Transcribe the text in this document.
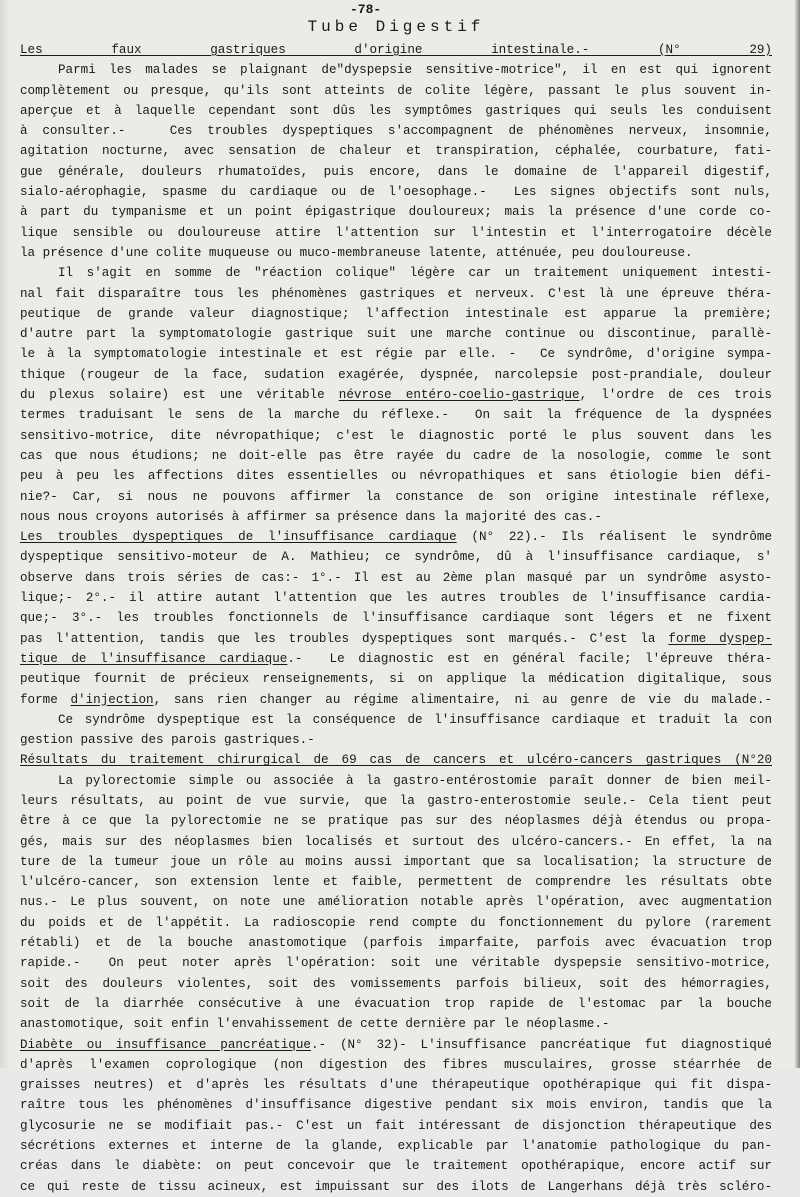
-78-
Tube Digestif
Les faux gastriques d'origine intestinale.- (N° 29)
Parmi les malades se plaignant de"dyspepsie sensitive-motrice", il en est qui ignorent
complètement ou presque, qu'ils sont atteints de colite légère, passant le plus souvent in-
aperçue et à laquelle cependant sont dûs les symptômes gastriques qui seuls les conduisent
à consulter.-   Ces troubles dyspeptiques s'accompagnent de phénomènes nerveux, insomnie,
agitation nocturne, avec sensation de chaleur et transpiration, céphalée, courbature, fati-
gue générale, douleurs rhumatoïdes, puis encore, dans le domaine de l'appareil digestif,
sialo-aérophagie, spasme du cardiaque ou de l'oesophage.-  Les signes objectifs sont nuls,
à part du tympanisme et un point épigastrique douloureux; mais la présence d'une corde co-
lique sensible ou douloureuse attire l'attention sur l'intestin et l'interrogatoire décèle
la présence d'une colite muqueuse ou muco-membraneuse latente, atténuée, peu douloureuse.
Il s'agit en somme de "réaction colique" légère car un traitement uniquement intesti-
nal fait disparaître tous les phénomènes gastriques et nerveux. C'est là une épreuve théra-
peutique de grande valeur diagnostique; l'affection intestinale est apparue la première;
d'autre part la symptomatologie gastrique suit une marche continue ou discontinue, parallè-
le à la symptomatologie intestinale et est régie par elle. -  Ce syndrôme, d'origine sympa-
thique (rougeur de la face, sudation exagérée, dyspnée, narcolepsie post-prandiale, douleur
du plexus solaire) est une véritable névrose entéro-coelio-gastrique, l'ordre de ces trois
termes traduisant le sens de la marche du réflexe.-  On sait la fréquence de la dyspnées
sensitivo-motrice, dite névropathique; c'est le diagnostic porté le plus souvent dans les
cas que nous étudions; ne doit-elle pas être rayée du cadre de la nosologie, comme le sont
peu à peu les affections dites essentielles ou névropathiques et sans étiologie bien défi-
nie?- Car, si nous ne pouvons affirmer la constance de son origine intestinale réflexe,
nous nous croyons autorisés à affirmer sa présence dans la majorité des cas.-
Les troubles dyspeptiques de l'insuffisance cardiaque (N° 22).- Ils réalisent le syndrôme
dyspeptique sensitivo-moteur de A. Mathieu; ce syndrôme, dû à l'insuffisance cardiaque, s'
observe dans trois séries de cas:- 1°.- Il est au 2ème plan masqué par un syndrôme asysto-
lique;- 2°.- il attire autant l'attention que les autres troubles de l'insuffisance cardia-
que;- 3°.- les troubles fonctionnels de l'insuffisance cardiaque sont légers et ne fixent
pas l'attention, tandis que les troubles dyspeptiques sont marqués.- C'est la forme dyspep-
tique de l'insuffisance cardiaque.-  Le diagnostic est en général facile; l'épreuve théra-
peutique fournit de précieux renseignements, si on applique la médication digitalique, sous
forme d'injection, sans rien changer au régime alimentaire, ni au genre de vie du malade.-
Ce syndrôme dyspeptique est la conséquence de l'insuffisance cardiaque et traduit la con
gestion passive des parois gastriques.-
Résultats du traitement chirurgical de 69 cas de cancers et ulcéro-cancers gastriques (N°20
La pylorectomie simple ou associée à la gastro-entérostomie paraît donner de bien meil-
leurs résultats, au point de vue survie, que la gastro-enterostomie seule.- Cela tient peut
être à ce que la pylorectomie ne se pratique pas sur des néoplasmes déjà étendus ou propa-
gés, mais sur des néoplasmes bien localisés et surtout des ulcéro-cancers.- En effet, la na
ture de la tumeur joue un rôle au moins aussi important que sa localisation; la structure de
l'ulcéro-cancer, son extension lente et faible, permettent de comprendre les résultats obte
nus.- Le plus souvent, on note une amélioration notable après l'opération, avec augmentation
du poids et de l'appétit. La radioscopie rend compte du fonctionnement du pylore (rarement
rétabli) et de la bouche anastomotique (parfois imparfaite, parfois avec évacuation trop
rapide.-  On peut noter après l'opération: soit une véritable dyspepsie sensitivo-motrice,
soit des douleurs violentes, soit des vomissements parfois bilieux, soit des hémorragies,
soit de la diarrhée consécutive à une évacuation trop rapide de l'estomac par la bouche
anastomotique, soit enfin l'envahissement de cette dernière par le néoplasme.-
Diabète ou insuffisance pancréatique.- (N° 32)- L'insuffisance pancréatique fut diagnostiqué
d'après l'examen coprologique (non digestion des fibres musculaires, grosse stéarrhée de
graisses neutres) et d'après les résultats d'une thérapeutique opothérapique qui fit dispa-
raître tous les phénomènes d'insuffisance digestive pendant six mois environ, tandis que la
glycosurie ne se modifiait pas.- C'est un fait intéressant de disjonction thérapeutique des
sécrétions externes et interne de la glande, explicable par l'anatomie pathologique du pan-
créas dans le diabète: on peut concevoir que le traitement opothérapique, encore actif sur
ce qui reste de tissu acineux, est impuissant sur des ilots de Langerhans déjà très scléro-
